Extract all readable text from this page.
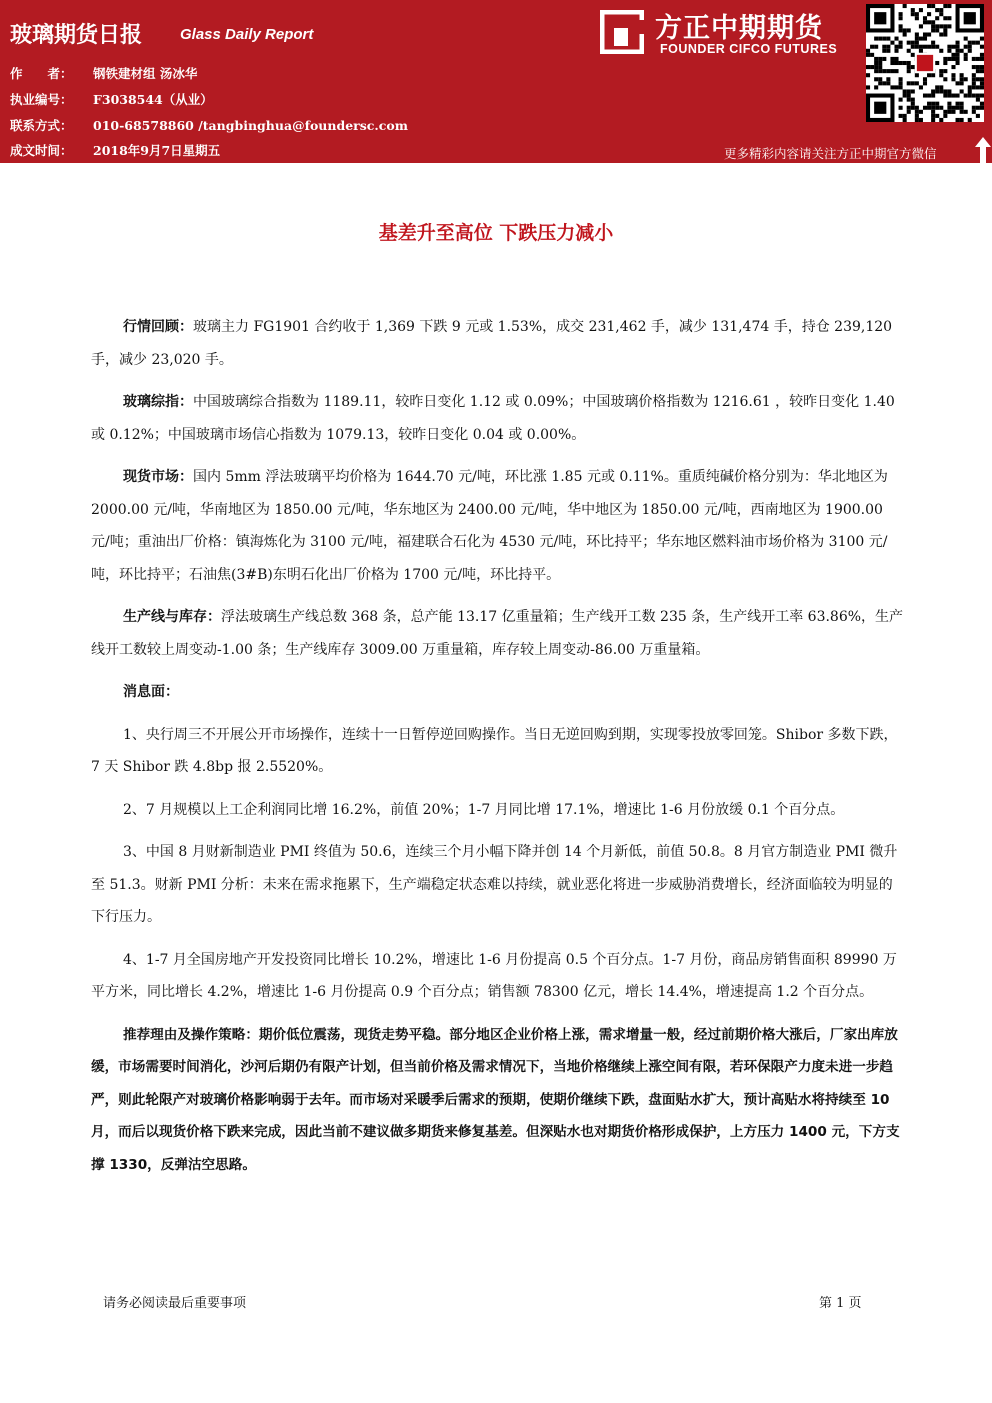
玻璃期货日报	Glass Daily Report
作　　者： 钢铁建材组 汤冰华
执业编号： F3038544（从业）
联系方式： 010-68578860 /tangbinghua@foundersc.com
成文时间： 2018年9月7日星期五
方正中期期货
FOUNDER CIFCO FUTURES
更多精彩内容请关注方正中期官方微信
基差升至高位 下跌压力减小

行情回顾：玻璃主力 FG1901 合约收于 1,369 下跌 9 元或 1.53%，成交 231,462 手，减少 131,474 手，持仓 239,120 手，减少 23,020 手。

玻璃综指：中国玻璃综合指数为 1189.11，较昨日变化 1.12 或 0.09%；中国玻璃价格指数为 1216.61 ，较昨日变化 1.40 或 0.12%；中国玻璃市场信心指数为 1079.13，较昨日变化 0.04 或 0.00%。

现货市场：国内 5mm 浮法玻璃平均价格为 1644.70 元/吨，环比涨 1.85 元或 0.11%。重质纯碱价格分别为：华北地区为 2000.00 元/吨，华南地区为 1850.00 元/吨，华东地区为 2400.00 元/吨，华中地区为 1850.00 元/吨，西南地区为 1900.00 元/吨；重油出厂价格：镇海炼化为 3100 元/吨，福建联合石化为 4530 元/吨，环比持平；华东地区燃料油市场价格为 3100 元/吨，环比持平；石油焦(3#B)东明石化出厂价格为 1700 元/吨，环比持平。

生产线与库存：浮法玻璃生产线总数 368 条，总产能 13.17 亿重量箱；生产线开工数 235 条，生产线开工率 63.86%，生产线开工数较上周变动-1.00 条；生产线库存 3009.00 万重量箱，库存较上周变动-86.00 万重量箱。

消息面：

1、央行周三不开展公开市场操作，连续十一日暂停逆回购操作。当日无逆回购到期，实现零投放零回笼。Shibor 多数下跌，7 天 Shibor 跌 4.8bp 报 2.5520%。

2、7 月规模以上工企利润同比增 16.2%，前值 20%；1-7 月同比增 17.1%，增速比 1-6 月份放缓 0.1 个百分点。

3、中国 8 月财新制造业 PMI 终值为 50.6，连续三个月小幅下降并创 14 个月新低，前值 50.8。8 月官方制造业 PMI 微升至 51.3。财新 PMI 分析：未来在需求拖累下，生产端稳定状态难以持续，就业恶化将进一步威胁消费增长，经济面临较为明显的下行压力。

4、1-7 月全国房地产开发投资同比增长 10.2%，增速比 1-6 月份提高 0.5 个百分点。1-7 月份，商品房销售面积 89990 万平方米，同比增长 4.2%，增速比 1-6 月份提高 0.9 个百分点；销售额 78300 亿元，增长 14.4%，增速提高 1.2 个百分点。

推荐理由及操作策略：期价低位震荡，现货走势平稳。部分地区企业价格上涨，需求增量一般，经过前期价格大涨后，厂家出库放缓，市场需要时间消化，沙河后期仍有限产计划，但当前价格及需求情况下，当地价格继续上涨空间有限，若环保限产力度未进一步趋严，则此轮限产对玻璃价格影响弱于去年。而市场对采暖季后需求的预期，使期价继续下跌，盘面贴水扩大，预计高贴水将持续至 10 月，而后以现货价格下跌来完成，因此当前不建议做多期货来修复基差。但深贴水也对期货价格形成保护，上方压力 1400 元，下方支撑 1330，反弹沽空思路。

请务必阅读最后重要事项	第 1 页
